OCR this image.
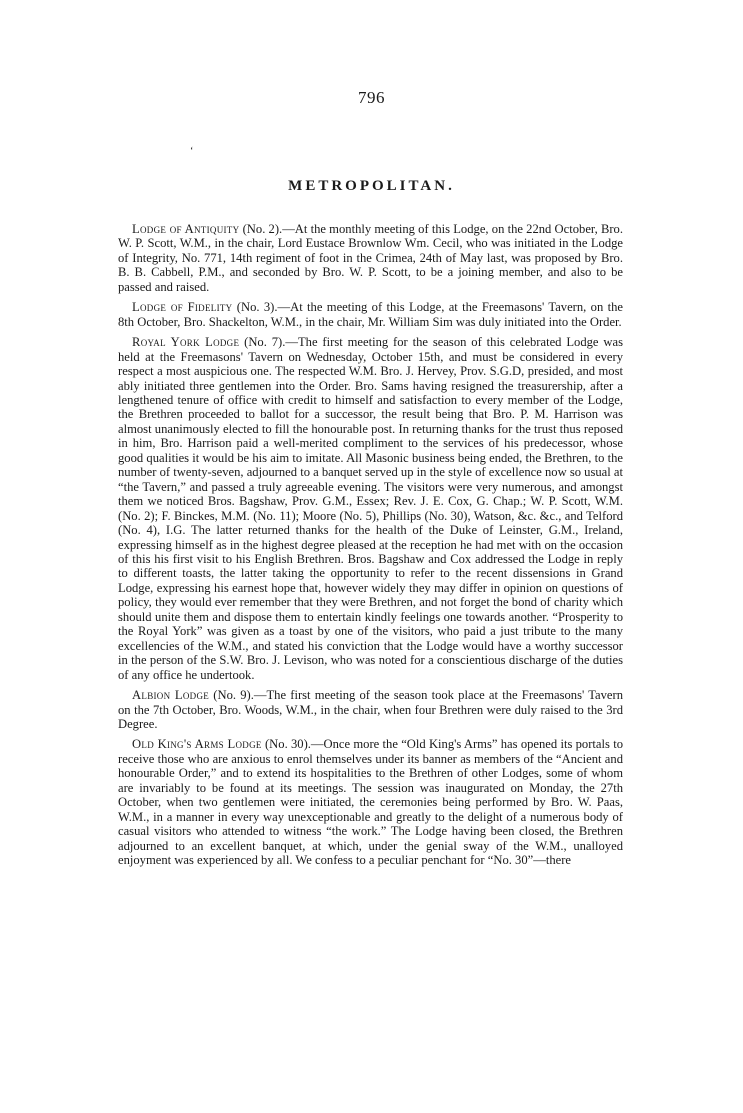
796
‘
METROPOLITAN.

Lodge of Antiquity (No. 2).—At the monthly meeting of this Lodge, on the 22nd October, Bro. W. P. Scott, W.M., in the chair, Lord Eustace Brownlow Wm. Cecil, who was initiated in the Lodge of Integrity, No. 771, 14th regiment of foot in the Crimea, 24th of May last, was proposed by Bro. B. B. Cabbell, P.M., and seconded by Bro. W. P. Scott, to be a joining member, and also to be passed and raised.

Lodge of Fidelity (No. 3).—At the meeting of this Lodge, at the Freemasons' Tavern, on the 8th October, Bro. Shackelton, W.M., in the chair, Mr. William Sim was duly initiated into the Order.

Royal York Lodge (No. 7).—The first meeting for the season of this celebrated Lodge was held at the Freemasons' Tavern on Wednesday, October 15th, and must be considered in every respect a most auspicious one. The respected W.M. Bro. J. Hervey, Prov. S.G.D, presided, and most ably initiated three gentlemen into the Order. Bro. Sams having resigned the treasurership, after a lengthened tenure of office with credit to himself and satisfaction to every member of the Lodge, the Brethren proceeded to ballot for a successor, the result being that Bro. P. M. Harrison was almost unanimously elected to fill the honourable post. In returning thanks for the trust thus reposed in him, Bro. Harrison paid a well-merited compliment to the services of his predecessor, whose good qualities it would be his aim to imitate. All Masonic business being ended, the Brethren, to the number of twenty-seven, adjourned to a banquet served up in the style of excellence now so usual at “the Tavern,” and passed a truly agreeable evening. The visitors were very numerous, and amongst them we noticed Bros. Bagshaw, Prov. G.M., Essex; Rev. J. E. Cox, G. Chap.; W. P. Scott, W.M. (No. 2); F. Binckes, M.M. (No. 11); Moore (No. 5), Phillips (No. 30), Watson, &c. &c., and Telford (No. 4), I.G. The latter returned thanks for the health of the Duke of Leinster, G.M., Ireland, expressing himself as in the highest degree pleased at the reception he had met with on the occasion of this his first visit to his English Brethren. Bros. Bagshaw and Cox addressed the Lodge in reply to different toasts, the latter taking the opportunity to refer to the recent dissensions in Grand Lodge, expressing his earnest hope that, however widely they may differ in opinion on questions of policy, they would ever remember that they were Brethren, and not forget the bond of charity which should unite them and dispose them to entertain kindly feelings one towards another. “Prosperity to the Royal York” was given as a toast by one of the visitors, who paid a just tribute to the many excellencies of the W.M., and stated his conviction that the Lodge would have a worthy successor in the person of the S.W. Bro. J. Levison, who was noted for a conscientious discharge of the duties of any office he undertook.

Albion Lodge (No. 9).—The first meeting of the season took place at the Freemasons' Tavern on the 7th October, Bro. Woods, W.M., in the chair, when four Brethren were duly raised to the 3rd Degree.

Old King's Arms Lodge (No. 30).—Once more the “Old King's Arms” has opened its portals to receive those who are anxious to enrol themselves under its banner as members of the “Ancient and honourable Order,” and to extend its hospitalities to the Brethren of other Lodges, some of whom are invariably to be found at its meetings. The session was inaugurated on Monday, the 27th October, when two gentlemen were initiated, the ceremonies being performed by Bro. W. Paas, W.M., in a manner in every way unexceptionable and greatly to the delight of a numerous body of casual visitors who attended to witness “the work.” The Lodge having been closed, the Brethren adjourned to an excellent banquet, at which, under the genial sway of the W.M., unalloyed enjoyment was experienced by all. We confess to a peculiar penchant for “No. 30”—there
